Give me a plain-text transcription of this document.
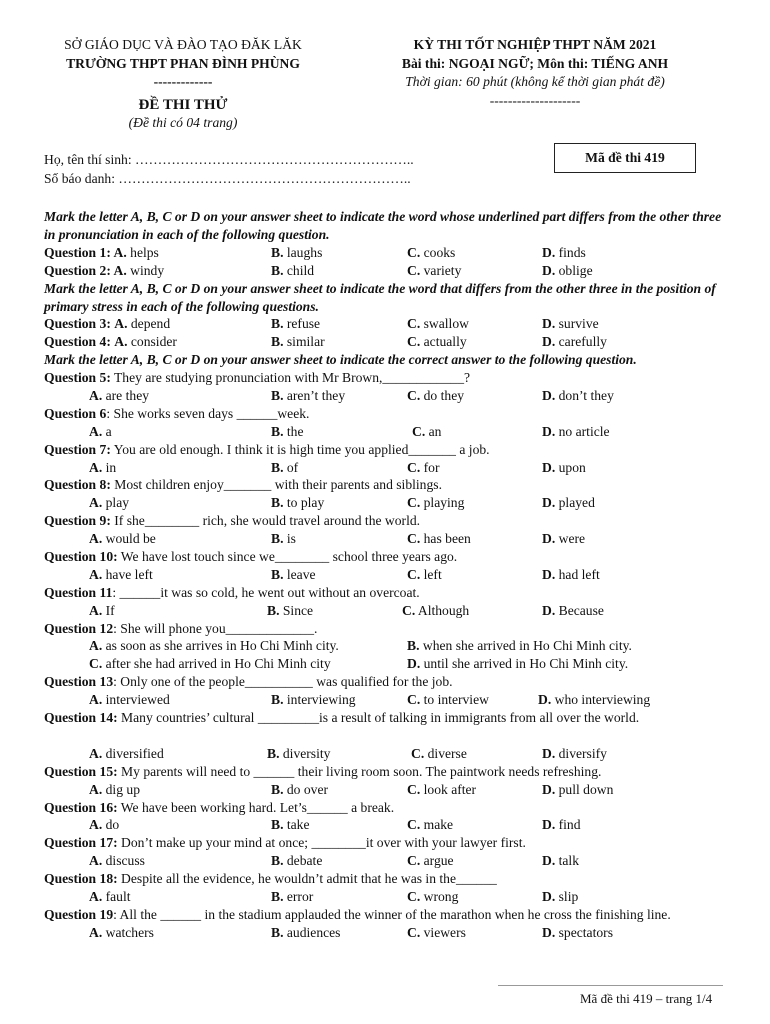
SỞ GIÁO DỤC VÀ ĐÀO TẠO ĐĂK LĂK
TRƯỜNG THPT PHAN ĐÌNH PHÙNG
-------------
ĐỀ THI THỬ
(Đề thi có 04 trang)
KỲ THI TỐT NGHIỆP THPT NĂM 2021
Bài thi: NGOẠI NGỮ; Môn thi: TIẾNG ANH
Thời gian: 60 phút (không kể thời gian phát đề)
--------------------
Họ, tên thí sinh: ……………………………………………………..
Số báo danh: ………………………………………………………..
Mã đề thi 419
Mark the letter A, B, C or D on your answer sheet to indicate the word whose underlined part differs from the other three in pronunciation in each of the following question.
Question 1: A. helps	B. laughs	C. cooks	D. finds
Question 2: A. windy	B. child	C. variety	D. oblige
Mark the letter A, B, C or D on your answer sheet to indicate the word that differs from the other three in the position of primary stress in each of the following questions.
Question 3: A. depend	B. refuse	C. swallow	D. survive
Question 4: A. consider	B. similar	C. actually	D. carefully
Mark the letter A, B, C or D on your answer sheet to indicate the correct answer to the following question.
Question 5: They are studying pronunciation with Mr Brown,____________?
A. are they	B. aren’t they	C. do they	D. don’t they
Question 6: She works seven days ______week.
A. a	B. the	C. an	D. no article
Question 7: You are old enough. I think it is high time you applied_______ a job.
A. in	B. of	C. for	D. upon
Question 8: Most children enjoy_______ with their parents and siblings.
A. play	B. to play	C. playing	D. played
Question 9: If she________ rich, she would travel around the world.
A. would be	B. is	C. has been	D. were
Question 10: We have lost touch since we________ school three years ago.
A. have left	B. leave	C. left	D. had left
Question 11: ______it was so cold, he went out without an overcoat.
A. If	B. Since	C. Although	D. Because
Question 12: She will phone you_____________.
A. as soon as she arrives in Ho Chi Minh city.	B. when she arrived in Ho Chi Minh city.
C. after she had arrived in Ho Chi Minh city	D. until she arrived in Ho Chi Minh city.
Question 13: Only one of the people__________ was qualified for the job.
A. interviewed	B. interviewing	C. to interview	D. who interviewing
Question 14: Many countries’ cultural _________is a result of talking in immigrants from all over the world.
A. diversified	B. diversity	C. diverse	D. diversify
Question 15: My parents will need to ______ their living room soon. The paintwork needs refreshing.
A. dig up	B. do over	C. look after	D. pull down
Question 16: We have been working hard. Let’s______ a break.
A. do	B. take	C. make	D. find
Question 17: Don’t make up your mind at once; ________it over with your lawyer first.
A. discuss	B. debate	C. argue	D. talk
Question 18: Despite all the evidence, he wouldn’t admit that he was in the______
A. fault	B. error	C. wrong	D. slip
Question 19: All the ______ in the stadium applauded the winner of the marathon when he cross the finishing line.
A. watchers	B. audiences	C. viewers	D. spectators
Mã đề thi 419 – trang 1/4
